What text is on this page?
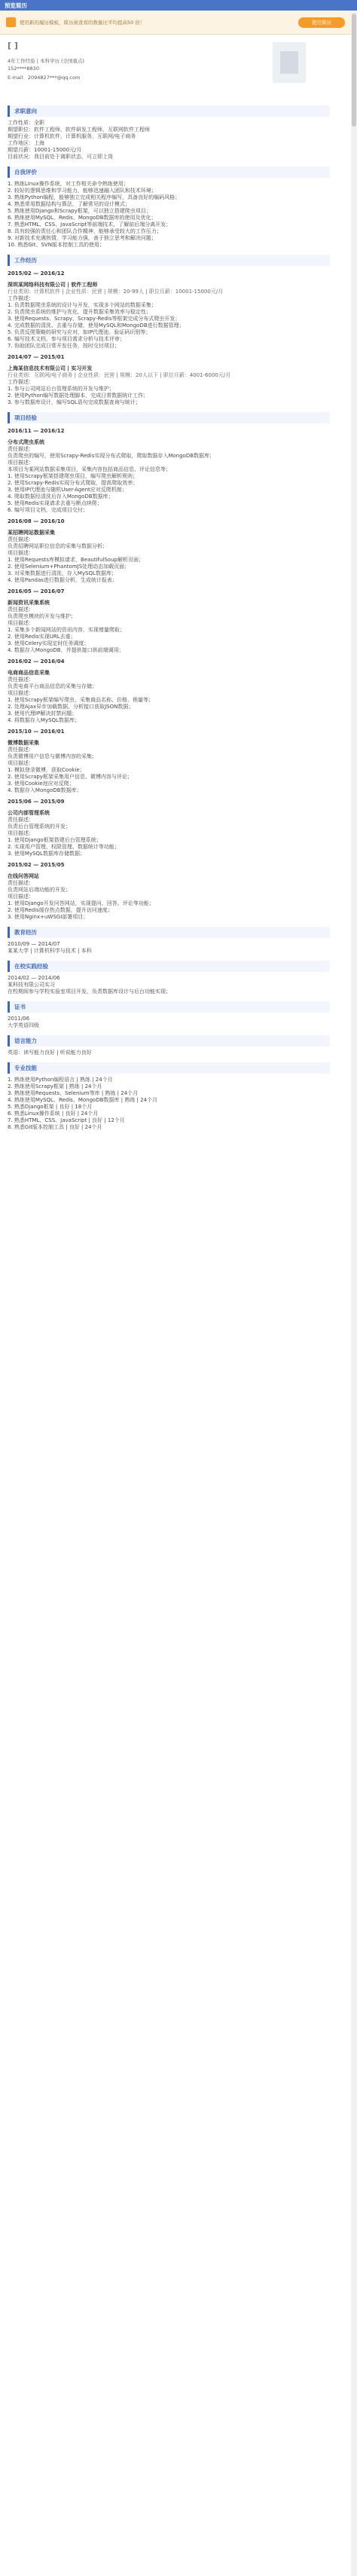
预览简历
使用新的履历模板，简历被查看的数量比平均提高50 倍！	使用简历
[ ]
4年工作经验 | 本科学历 (全国重点)
152****8830
E-mail：2094827***@qq.com
求职意向
工作性质：全职
期望职位：软件工程师，软件研发工程师，互联网软件工程师
期望行业：计算机软件，计算机服务，互联网/电子商务
工作地区：上海
期望月薪：10001-15000元/月
目前状况：我目前处于离职状态，可立即上岗
自我评价
1. 熟练Linux操作系统，对工作相关命令熟练使用；
2. 较好的逻辑思维和学习能力，能够迅速融入团队和技术环境；
3. 熟练Python编程，能够独立完成相关程序编写，具备良好的编码风格；
4. 熟悉常用数据结构与算法，了解常见的设计模式；
5. 熟练使用Django和Scrapy框架，可以独立搭建爬虫项目；
6. 熟练使用MySQL、Redis、MongoDB数据库的使用及优化；
7. 熟悉HTML、CSS、JavaScript等前端技术，了解前后端分离开发；
8. 具有较强的责任心和团队合作精神，能够承受较大的工作压力；
9. 对新技术充满热情，学习能力强，善于独立思考和解决问题；
10. 熟悉Git、SVN版本控制工具的使用；
工作经历
2015/02 — 2016/12
深圳某网络科技有限公司 | 软件工程师
行业类别：计算机软件 | 企业性质：民营 | 规模：20-99人 | 职位月薪：10001-15000元/月
工作描述：
1. 负责数据爬虫系统的设计与开发，实现多个网站的数据采集；
2. 负责爬虫系统的维护与优化，提升数据采集效率与稳定性；
3. 使用Requests、Scrapy、Scrapy-Redis等框架完成分布式爬虫开发；
4. 完成数据的清洗、去重与存储，使用MySQL和MongoDB进行数据管理；
5. 负责反爬策略的研究与应对，如IP代理池、验证码识别等；
6. 编写技术文档，参与项目需求分析与技术评审；
7. 协助团队完成日常开发任务，按时交付项目；
2014/07 — 2015/01
上海某信息技术有限公司 | 实习开发
行业类别：互联网/电子商务 | 企业性质：民营 | 规模：20人以下 | 职位月薪：4001-6000元/月
工作描述：
1. 参与公司网站后台管理系统的开发与维护；
2. 使用Python编写数据处理脚本，完成日常数据统计工作；
3. 参与数据库设计，编写SQL语句完成数据查询与统计；
项目经验
2016/11 — 2016/12
分布式爬虫系统
责任描述：
负责爬虫的编写，使用Scrapy-Redis实现分布式爬取，爬取数据存入MongoDB数据库；
项目描述：
本项目为某网站数据采集项目，采集内容包括商品信息、评论信息等；
1. 使用Scrapy框架搭建爬虫项目，编写爬虫解析规则；
2. 使用Scrapy-Redis实现分布式爬取，提高爬取效率；
3. 使用IP代理池与随机User-Agent应对反爬机制；
4. 爬取数据经清洗后存入MongoDB数据库；
5. 使用Redis实现请求去重与断点续爬；
6. 编写项目文档，完成项目交付；
2016/08 — 2016/10
某招聘网站数据采集
责任描述：
负责招聘网站职位信息的采集与数据分析；
项目描述：
1. 使用Requests库模拟请求，BeautifulSoup解析页面；
2. 使用Selenium+PhantomJS处理动态加载页面；
3. 对采集数据进行清洗，存入MySQL数据库；
4. 使用Pandas进行数据分析，生成统计报表；
2016/05 — 2016/07
新闻资讯采集系统
责任描述：
负责爬虫模块的开发与维护；
项目描述：
1. 采集多个新闻网站的资讯内容，实现增量爬取；
2. 使用Redis实现URL去重；
3. 使用Celery实现定时任务调度；
4. 数据存入MongoDB，并提供接口供前端调用；
2016/02 — 2016/04
电商商品信息采集
责任描述：
负责电商平台商品信息的采集与存储；
项目描述：
1. 使用Scrapy框架编写爬虫，采集商品名称、价格、销量等；
2. 处理Ajax异步加载数据，分析接口获取JSON数据；
3. 使用代理IP解决封禁问题；
4. 将数据存入MySQL数据库；
2015/10 — 2016/01
微博数据采集
责任描述：
负责微博用户信息与微博内容的采集；
项目描述：
1. 模拟登录微博，获取Cookie；
2. 使用Scrapy框架采集用户信息、微博内容与评论；
3. 使用Cookie池应对反爬；
4. 数据存入MongoDB数据库；
2015/06 — 2015/09
公司内部管理系统
责任描述：
负责后台管理系统的开发；
项目描述：
1. 使用Django框架搭建后台管理系统；
2. 实现用户管理、权限管理、数据统计等功能；
3. 使用MySQL数据库存储数据；
2015/02 — 2015/05
在线问答网站
责任描述：
负责网站后端功能的开发；
项目描述：
1. 使用Django开发问答网站，实现提问、回答、评论等功能；
2. 使用Redis缓存热点数据，提升访问速度；
3. 使用Nginx+uWSGI部署项目；
教育经历
2010/09 — 2014/07
某某大学 | 计算机科学与技术 | 本科
在校实践经验
2014/02 — 2014/06
某科技有限公司实习
在校期间参与学校实验室项目开发，负责数据库设计与后台功能实现；
证书
2011/06
大学英语四级
语言能力
英语：读写能力良好 | 听说能力良好
专业技能
1. 熟练使用Python编程语言 | 熟练 | 24个月
2. 熟练使用Scrapy框架 | 熟练 | 24个月
3. 熟练使用Requests、Selenium等库 | 熟练 | 24个月
4. 熟练使用MySQL、Redis、MongoDB数据库 | 熟练 | 24个月
5. 熟悉Django框架 | 良好 | 18个月
6. 熟悉Linux操作系统 | 良好 | 24个月
7. 熟悉HTML、CSS、JavaScript | 良好 | 12个月
8. 熟悉Git版本控制工具 | 良好 | 24个月
